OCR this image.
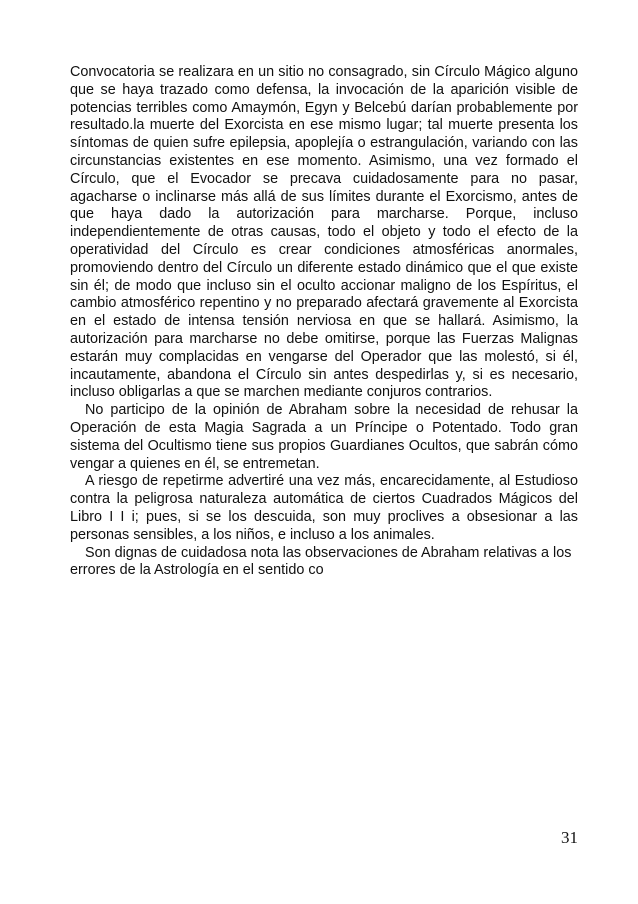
Convocatoria se realizara en un sitio no consagrado, sin Círculo Mágico alguno que se haya trazado como defensa, la invocación de la aparición visible de potencias terribles como Amaymón, Egyn y Belcebú darían probablemente por resultado.la muerte del Exorcista en ese mismo lugar; tal muerte presenta los síntomas de quien sufre epilepsia, apoplejía o estrangulación, variando con las circunstancias existentes en ese momento. Asimismo, una vez formado el Círculo, que el Evocador se precava cuidadosamente para no pasar, agacharse o inclinarse más allá de sus límites durante el Exorcismo, antes de que haya dado la autorización para marcharse. Porque, incluso independientemente de otras causas, todo el objeto y todo el efecto de la operatividad del Círculo es crear condiciones atmosféricas anormales, promoviendo dentro del Círculo un diferente estado dinámico que el que existe sin él; de modo que incluso sin el oculto accionar maligno de los Espíritus, el cambio atmosférico repentino y no preparado afectará gravemente al Exorcista en el estado de intensa tensión nerviosa en que se hallará. Asimismo, la autorización para marcharse no debe omitirse, porque las Fuerzas Malignas estarán muy complacidas en vengarse del Operador que las molestó, si él, incautamente, abandona el Círculo sin antes despedirlas y, si es necesario, incluso obligarlas a que se marchen mediante conjuros contrarios.

No participo de la opinión de Abraham sobre la necesidad de rehusar la Operación de esta Magia Sagrada a un Príncipe o Potentado. Todo gran sistema del Ocultismo tiene sus propios Guardianes Ocultos, que sabrán cómo vengar a quienes en él, se entremetan.

A riesgo de repetirme advertiré una vez más, encarecidamente, al Estudioso contra la peligrosa naturaleza automática de ciertos Cuadrados Mágicos del Libro I I i; pues, si se los descuida, son muy proclives a obsesionar a las personas sensibles, a los niños, e incluso a los animales.

Son dignas de cuidadosa nota las observaciones de Abraham relativas a los errores de la Astrología en el sentido co

31
